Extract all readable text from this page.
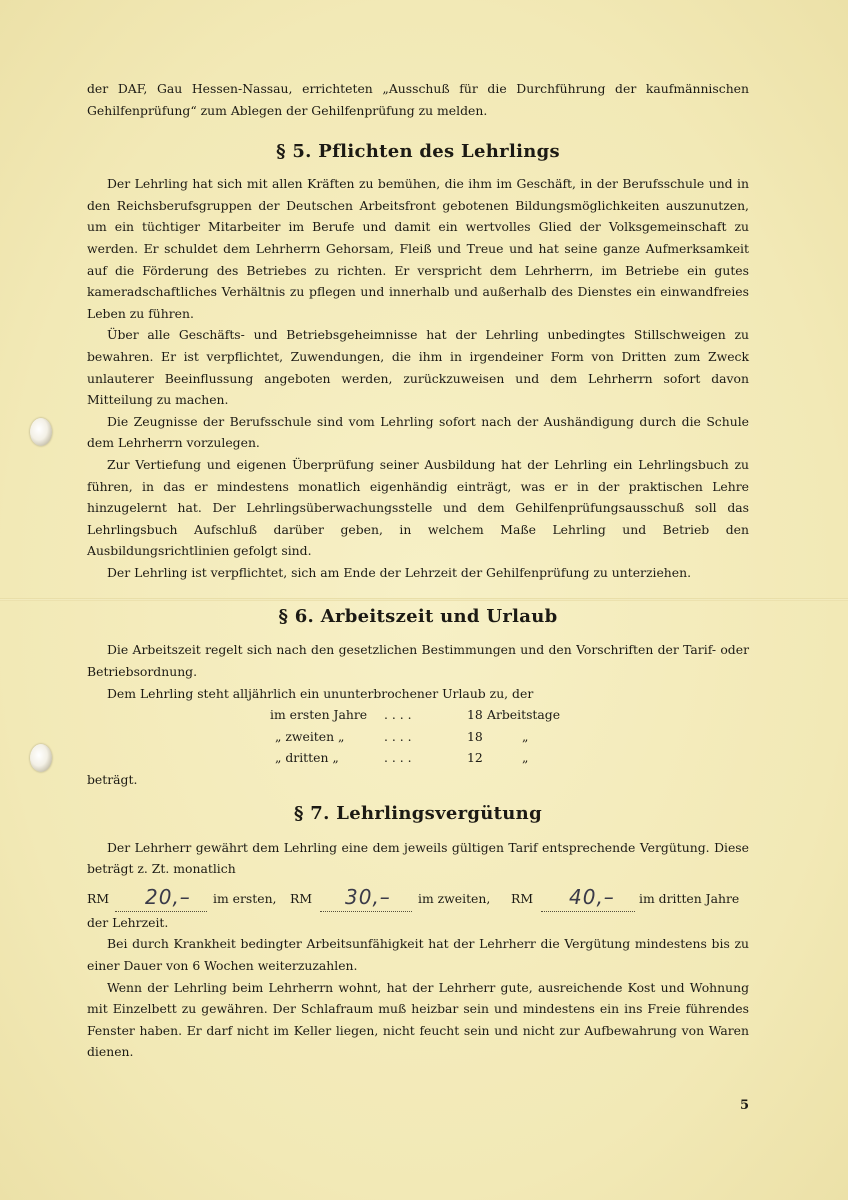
der DAF, Gau Hessen-Nassau, errichteten „Ausschuß für die Durchführung der kaufmännischen Gehilfenprüfung“ zum Ablegen der Gehilfenprüfung zu melden.

§ 5. Pflichten des Lehrlings

Der Lehrling hat sich mit allen Kräften zu bemühen, die ihm im Geschäft, in der Berufsschule und in den Reichsberufsgruppen der Deutschen Arbeitsfront gebotenen Bildungsmöglichkeiten auszunutzen, um ein tüchtiger Mitarbeiter im Berufe und damit ein wertvolles Glied der Volksgemeinschaft zu werden. Er schuldet dem Lehrherrn Gehorsam, Fleiß und Treue und hat seine ganze Aufmerksamkeit auf die Förderung des Betriebes zu richten. Er verspricht dem Lehrherrn, im Betriebe ein gutes kameradschaftliches Verhältnis zu pflegen und innerhalb und außerhalb des Dienstes ein einwandfreies Leben zu führen.

Über alle Geschäfts- und Betriebsgeheimnisse hat der Lehrling unbedingtes Stillschweigen zu bewahren. Er ist verpflichtet, Zuwendungen, die ihm in irgendeiner Form von Dritten zum Zweck unlauterer Beeinflussung angeboten werden, zurückzuweisen und dem Lehrherrn sofort davon Mitteilung zu machen.

Die Zeugnisse der Berufsschule sind vom Lehrling sofort nach der Aushändigung durch die Schule dem Lehrherrn vorzulegen.

Zur Vertiefung und eigenen Überprüfung seiner Ausbildung hat der Lehrling ein Lehrlingsbuch zu führen, in das er mindestens monatlich eigenhändig einträgt, was er in der praktischen Lehre hinzugelernt hat. Der Lehrlingsüberwachungsstelle und dem Gehilfenprüfungsausschuß soll das Lehrlingsbuch Aufschluß darüber geben, in welchem Maße Lehrling und Betrieb den Ausbildungsrichtlinien gefolgt sind.

Der Lehrling ist verpflichtet, sich am Ende der Lehrzeit der Gehilfenprüfung zu unterziehen.

§ 6. Arbeitszeit und Urlaub

Die Arbeitszeit regelt sich nach den gesetzlichen Bestimmungen und den Vorschriften der Tarif- oder Betriebsordnung.

Dem Lehrling steht alljährlich ein ununterbrochener Urlaub zu, der

im ersten Jahre . . . .	18 Arbeitstage
„ zweiten „	. . . .	18	„
„ dritten „	. . . .	12	„

beträgt.

§ 7. Lehrlingsvergütung

Der Lehrherr gewährt dem Lehrling eine dem jeweils gültigen Tarif entsprechende Vergütung. Diese beträgt z. Zt. monatlich

RM 20,– im ersten, RM 30,– im zweiten, RM 40,– im dritten Jahre

der Lehrzeit.

Bei durch Krankheit bedingter Arbeitsunfähigkeit hat der Lehrherr die Vergütung mindestens bis zu einer Dauer von 6 Wochen weiterzuzahlen.

Wenn der Lehrling beim Lehrherrn wohnt, hat der Lehrherr gute, ausreichende Kost und Wohnung mit Einzelbett zu gewähren. Der Schlafraum muß heizbar sein und mindestens ein ins Freie führendes Fenster haben. Er darf nicht im Keller liegen, nicht feucht sein und nicht zur Aufbewahrung von Waren dienen.

5
